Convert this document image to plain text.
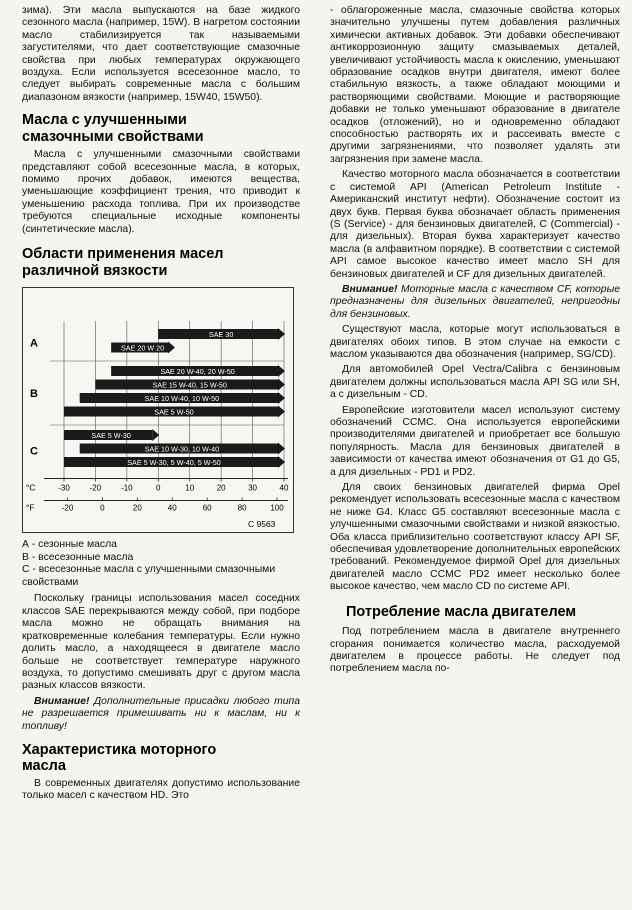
зима). Эти масла выпускаются на базе жидкого сезонного масла (например, 15W). В нагретом состоянии масло стабилизируется так называемыми загустителями, что дает соответствующие смазочные свойства при любых температурах окружающего воздуха. Если используется всесезонное масло, то следует выбирать современные масла с большим диапазоном вязкости (например, 15W40, 15W50).

Масла с улучшенными смазочными свойствами

Масла с улучшенными смазочными свойствами представляют собой всесезонные масла, в которых, помимо прочих добавок, имеются вещества, уменьшающие коэффициент трения, что приводит к уменьшению расхода топлива. При их производстве требуются специальные исходные компоненты (синтетические масла).

Области применения масел различной вязкости
SAE 30
SAE 20 W 20
SAE 20 W-40, 20 W-50
SAE 15 W-40, 15 W-50
SAE 10 W-40, 10 W-50
SAE 5 W-50
SAE 5 W-30
SAE 10 W-30, 10 W-40
SAE 5 W-30, 5 W-40, 5 W-50
A
B
C
-30 -20 -10	0	10	20	30	40
-20	0	20	40	60	80	100
°C
°F
C 9563

А - сезонные масла

В - всесезонные масла

С - всесезонные масла с улучшенными смазочными свойствами

Поскольку границы использования масел соседних классов SAE перекрываются между собой, при подборе масла можно не обращать внимания на кратковременные колебания температуры. Если нужно долить масло, а находящееся в двигателе масло больше не соответствует температуре наружного воздуха, то допустимо смешивать друг с другом масла разных классов вязкости.

Внимание! Дополнительные присадки любого типа не разрешается примешивать ни к маслам, ни к топливу!

Характеристика моторного масла

В современных двигателях допустимо использование только масел с качеством HD. Это

- облагороженные масла, смазочные свойства которых значительно улучшены путем добавления различных химически активных добавок. Эти добавки обеспечивают антикоррозионную защиту смазываемых деталей, увеличивают устойчивость масла к окислению, уменьшают образование осадков внутри двигателя, имеют более стабильную вязкость, а также обладают моющими и растворяющими свойствами. Моющие и растворяющие добавки не только уменьшают образование в двигателе осадков (отложений), но и одновременно обладают способностью растворять их и рассеивать вместе с другими загрязнениями, что позволяет удалять эти загрязнения при замене масла.

Качество моторного масла обозначается в соответствии с системой API (American Petroleum Institute - Американский институт нефти). Обозначение состоит из двух букв. Первая буква обозначает область применения (S (Service) - для бензиновых двигателей, С (Commercial) - для дизельных). Вторая буква характеризует качество масла (в алфавитном порядке). В соответствии с системой API самое высокое качество имеет масло SH для бензиновых двигателей и CF для дизельных двигателей.

Внимание! Моторные масла с качеством CF, которые предназначены для дизельных двигателей, непригодны для бензиновых.

Существуют масла, которые могут использоваться в двигателях обоих типов. В этом случае на емкости с маслом указываются два обозначения (например, SG/CD).

Для автомобилей Opel Vectra/Calibra с бензиновым двигателем должны использоваться масла API SG или SH, а с дизельным - CD.

Европейские изготовители масел используют систему обозначений CCMC. Она используется европейскими производителями двигателей и приобретает все большую популярность. Масла для бензиновых двигателей в зависимости от качества имеют обозначения от G1 до G5, а для дизельных - PD1 и PD2.

Для своих бензиновых двигателей фирма Opel рекомендует использовать всесезонные масла с качеством не ниже G4. Класс G5 составляют всесезонные масла с улучшенными смазочными свойствами и низкой вязкостью. Оба класса приблизительно соответствуют классу API SF, обеспечивая удовлетворение дополнительных европейских требований. Рекомендуемое фирмой Opel для дизельных двигателей масло CCMC PD2 имеет несколько более высокое качество, чем масло CD по системе API.

Потребление масла двигателем

Под потреблением масла в двигателе внутреннего сгорания понимается количество масла, расходуемой двигателем в процессе работы. Не следует под потреблением масла по-
